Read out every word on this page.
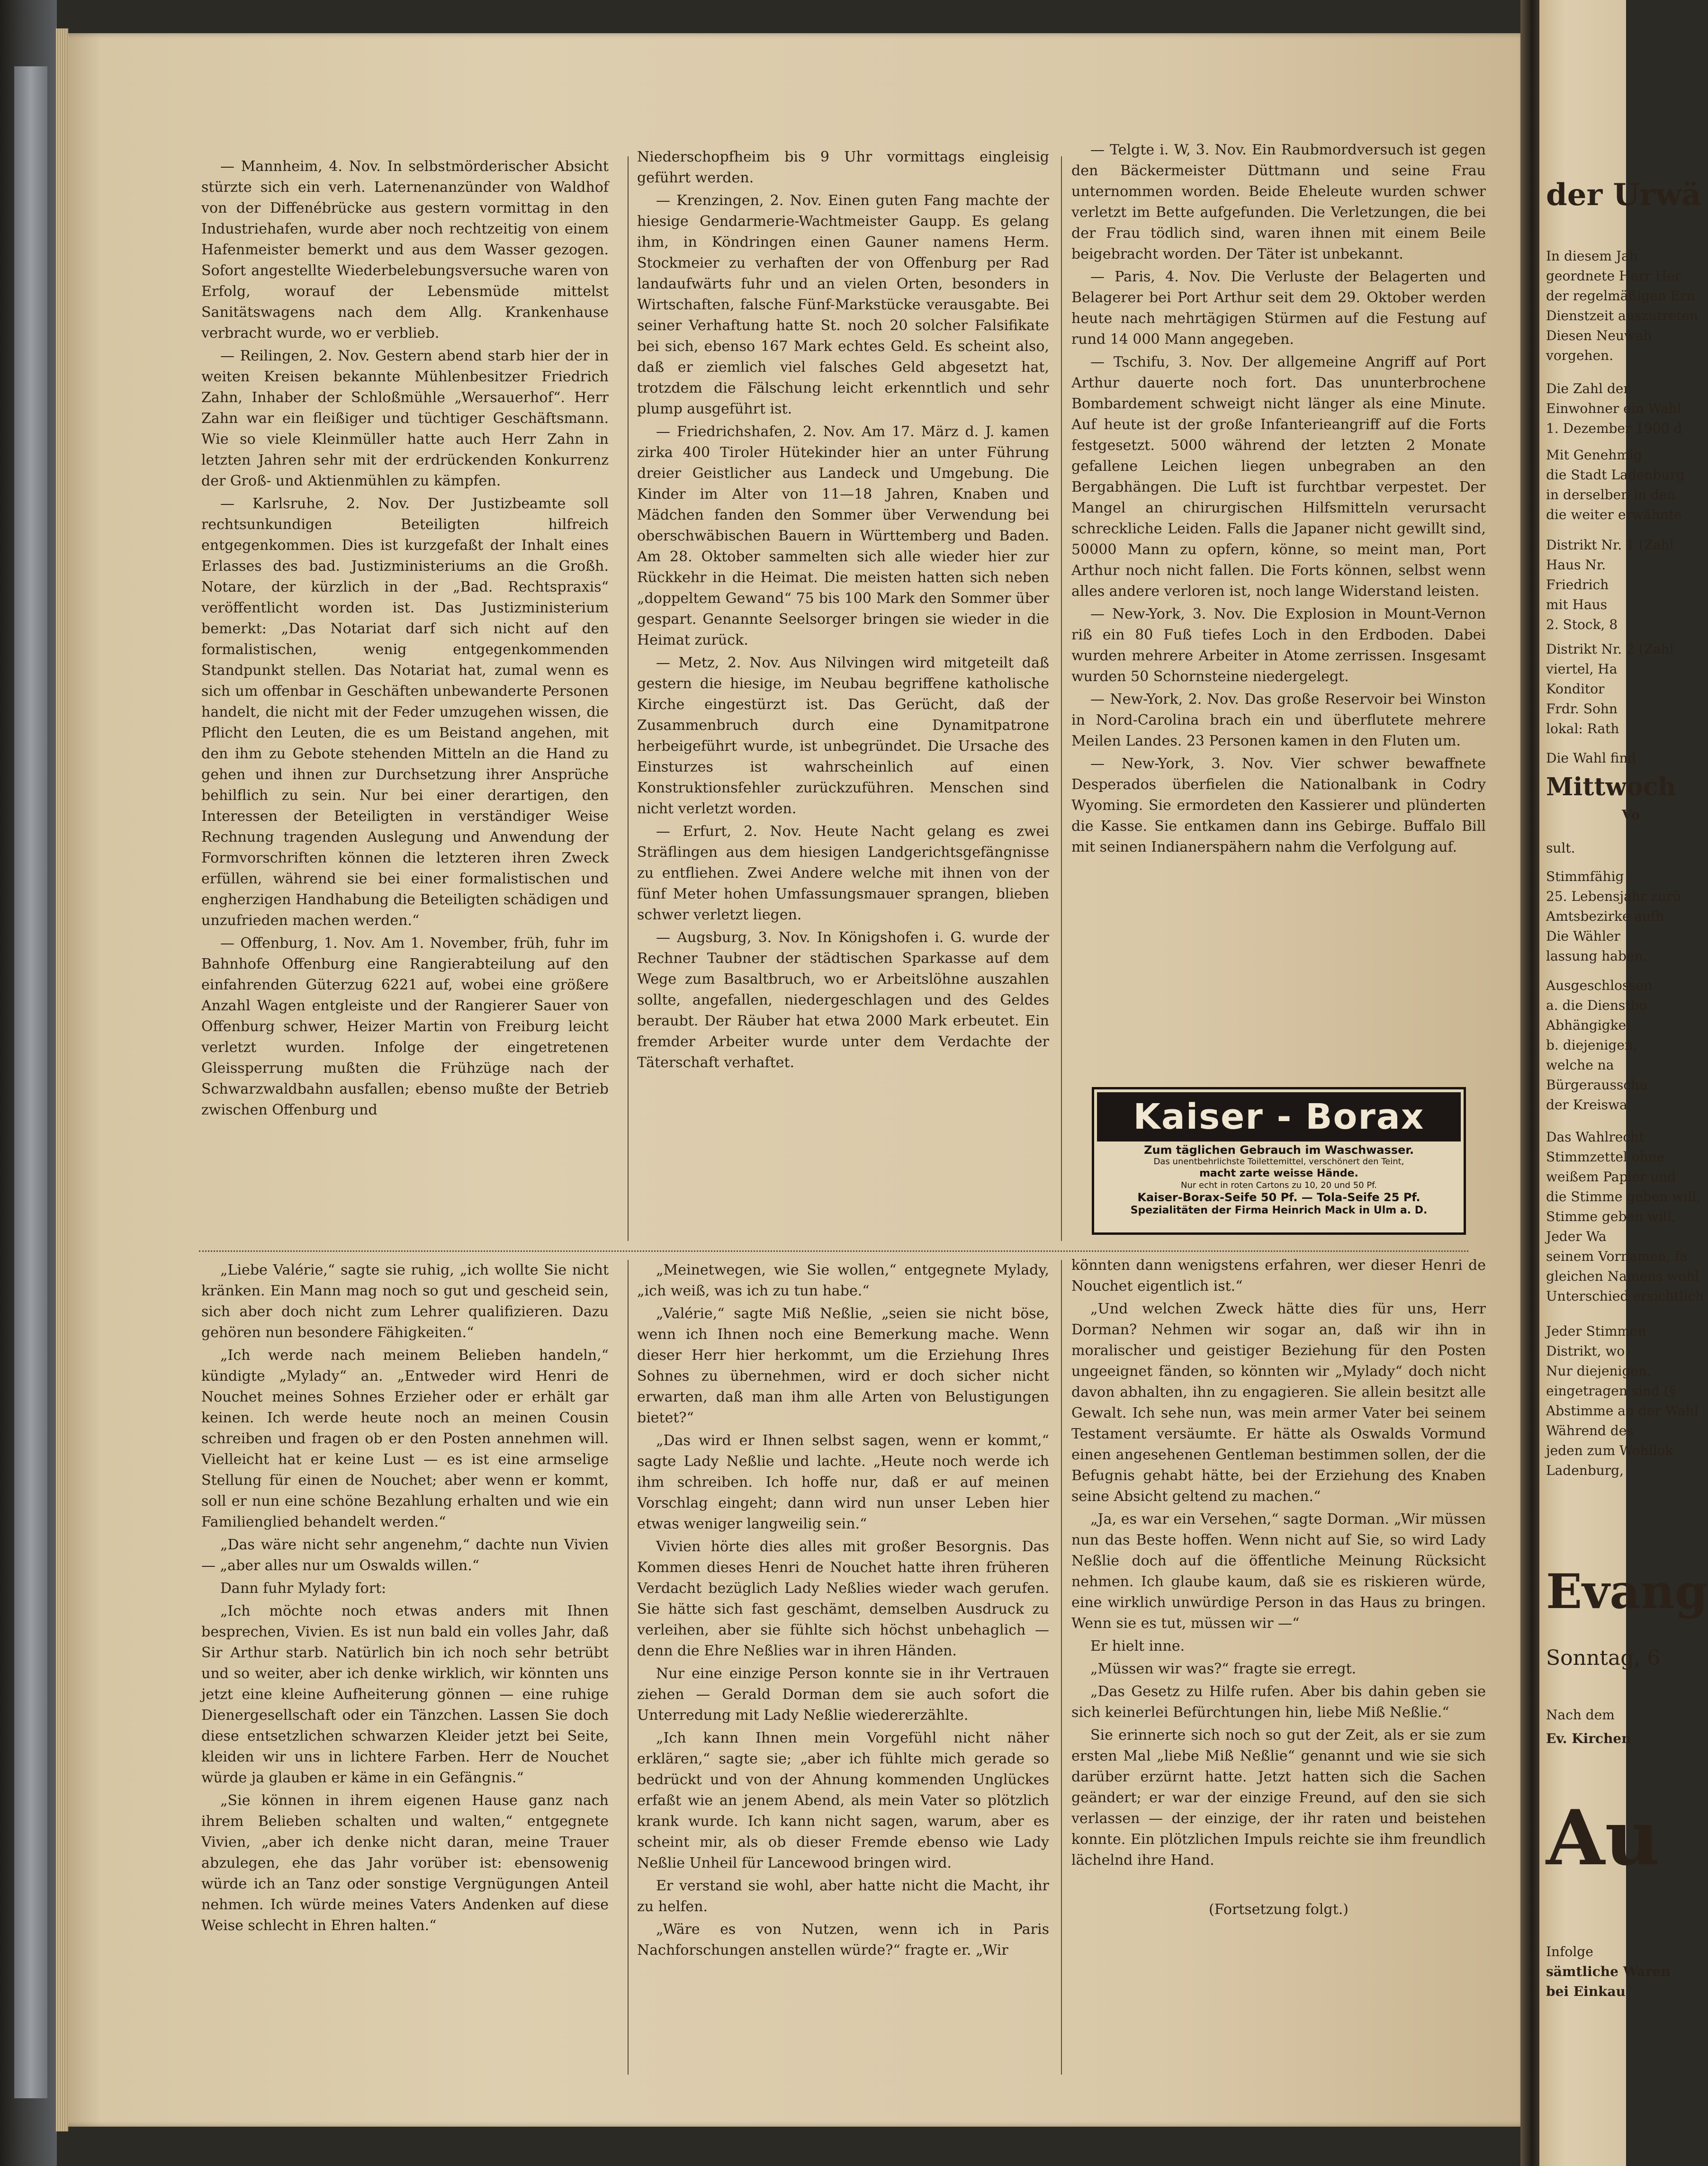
— Mannheim, 4. Nov. In selbstmörderischer Absicht stürzte sich ein verh. Laternenanzünder von Waldhof von der Diffenébrücke aus gestern vormittag in den Industriehafen, wurde aber noch rechtzeitig von einem Hafenmeister bemerkt und aus dem Wasser gezogen. Sofort angestellte Wiederbelebungsversuche waren von Erfolg, worauf der Lebensmüde mittelst Sanitätswagens nach dem Allg. Krankenhause verbracht wurde, wo er verblieb.

— Reilingen, 2. Nov. Gestern abend starb hier der in weiten Kreisen bekannte Mühlenbesitzer Friedrich Zahn, Inhaber der Schloßmühle „Wersauerhof“. Herr Zahn war ein fleißiger und tüchtiger Geschäftsmann. Wie so viele Kleinmüller hatte auch Herr Zahn in letzten Jahren sehr mit der erdrückenden Konkurrenz der Groß- und Aktienmühlen zu kämpfen.

— Karlsruhe, 2. Nov. Der Justizbeamte soll rechtsunkundigen Beteiligten hilfreich entgegenkommen. Dies ist kurzgefaßt der Inhalt eines Erlasses des bad. Justizministeriums an die Großh. Notare, der kürzlich in der „Bad. Rechtspraxis“ veröffentlicht worden ist. Das Justizministerium bemerkt: „Das Notariat darf sich nicht auf den formalistischen, wenig entgegenkommenden Standpunkt stellen. Das Notariat hat, zumal wenn es sich um offenbar in Geschäften unbewanderte Personen handelt, die nicht mit der Feder umzugehen wissen, die Pflicht den Leuten, die es um Beistand angehen, mit den ihm zu Gebote stehenden Mitteln an die Hand zu gehen und ihnen zur Durchsetzung ihrer Ansprüche behilflich zu sein. Nur bei einer derartigen, den Interessen der Beteiligten in verständiger Weise Rechnung tragenden Auslegung und Anwendung der Formvorschriften können die letzteren ihren Zweck erfüllen, während sie bei einer formalistischen und engherzigen Handhabung die Beteiligten schädigen und unzufrieden machen werden.“

— Offenburg, 1. Nov. Am 1. November, früh, fuhr im Bahnhofe Offenburg eine Rangierabteilung auf den einfahrenden Güterzug 6221 auf, wobei eine größere Anzahl Wagen entgleiste und der Rangierer Sauer von Offenburg schwer, Heizer Martin von Freiburg leicht verletzt wurden. Infolge der eingetretenen Gleissperrung mußten die Frühzüge nach der Schwarzwaldbahn ausfallen; ebenso mußte der Betrieb zwischen Offenburg und

Niederschopfheim bis 9 Uhr vormittags eingleisig geführt werden.

— Krenzingen, 2. Nov. Einen guten Fang machte der hiesige Gendarmerie-Wachtmeister Gaupp. Es gelang ihm, in Köndringen einen Gauner namens Herm. Stockmeier zu verhaften der von Offenburg per Rad landaufwärts fuhr und an vielen Orten, besonders in Wirtschaften, falsche Fünf-Markstücke verausgabte. Bei seiner Verhaftung hatte St. noch 20 solcher Falsifikate bei sich, ebenso 167 Mark echtes Geld. Es scheint also, daß er ziemlich viel falsches Geld abgesetzt hat, trotzdem die Fälschung leicht erkenntlich und sehr plump ausgeführt ist.

— Friedrichshafen, 2. Nov. Am 17. März d. J. kamen zirka 400 Tiroler Hütekinder hier an unter Führung dreier Geistlicher aus Landeck und Umgebung. Die Kinder im Alter von 11—18 Jahren, Knaben und Mädchen fanden den Sommer über Verwendung bei oberschwäbischen Bauern in Württemberg und Baden. Am 28. Oktober sammelten sich alle wieder hier zur Rückkehr in die Heimat. Die meisten hatten sich neben „doppeltem Gewand“ 75 bis 100 Mark den Sommer über gespart. Genannte Seelsorger bringen sie wieder in die Heimat zurück.

— Metz, 2. Nov. Aus Nilvingen wird mitgeteilt daß gestern die hiesige, im Neubau begriffene katholische Kirche eingestürzt ist. Das Gerücht, daß der Zusammenbruch durch eine Dynamitpatrone herbeigeführt wurde, ist unbegründet. Die Ursache des Einsturzes ist wahrscheinlich auf einen Konstruktionsfehler zurückzuführen. Menschen sind nicht verletzt worden.

— Erfurt, 2. Nov. Heute Nacht gelang es zwei Sträflingen aus dem hiesigen Landgerichtsgefängnisse zu entfliehen. Zwei Andere welche mit ihnen von der fünf Meter hohen Umfassungsmauer sprangen, blieben schwer verletzt liegen.

— Augsburg, 3. Nov. In Königshofen i. G. wurde der Rechner Taubner der städtischen Sparkasse auf dem Wege zum Basaltbruch, wo er Arbeitslöhne auszahlen sollte, angefallen, niedergeschlagen und des Geldes beraubt. Der Räuber hat etwa 2000 Mark erbeutet. Ein fremder Arbeiter wurde unter dem Verdachte der Täterschaft verhaftet.

— Telgte i. W, 3. Nov. Ein Raubmordversuch ist gegen den Bäckermeister Düttmann und seine Frau unternommen worden. Beide Eheleute wurden schwer verletzt im Bette aufgefunden. Die Verletzungen, die bei der Frau tödlich sind, waren ihnen mit einem Beile beigebracht worden. Der Täter ist unbekannt.

— Paris, 4. Nov. Die Verluste der Belagerten und Belagerer bei Port Arthur seit dem 29. Oktober werden heute nach mehrtägigen Stürmen auf die Festung auf rund 14 000 Mann angegeben.

— Tschifu, 3. Nov. Der allgemeine Angriff auf Port Arthur dauerte noch fort. Das ununterbrochene Bombardement schweigt nicht länger als eine Minute. Auf heute ist der große Infanterieangriff auf die Forts festgesetzt. 5000 während der letzten 2 Monate gefallene Leichen liegen unbegraben an den Bergabhängen. Die Luft ist furchtbar verpestet. Der Mangel an chirurgischen Hilfsmitteln verursacht schreckliche Leiden. Falls die Japaner nicht gewillt sind, 50000 Mann zu opfern, könne, so meint man, Port Arthur noch nicht fallen. Die Forts können, selbst wenn alles andere verloren ist, noch lange Widerstand leisten.

— New-York, 3. Nov. Die Explosion in Mount-Vernon riß ein 80 Fuß tiefes Loch in den Erdboden. Dabei wurden mehrere Arbeiter in Atome zerrissen. Insgesamt wurden 50 Schornsteine niedergelegt.

— New-York, 2. Nov. Das große Reservoir bei Winston in Nord-Carolina brach ein und überflutete mehrere Meilen Landes. 23 Personen kamen in den Fluten um.

— New-York, 3. Nov. Vier schwer bewaffnete Desperados überfielen die Nationalbank in Codry Wyoming. Sie ermordeten den Kassierer und plünderten die Kasse. Sie entkamen dann ins Gebirge. Buffalo Bill mit seinen Indianerspähern nahm die Verfolgung auf.

Kaiser - Borax
Zum täglichen Gebrauch im Waschwasser.
Das unentbehrlichste Toilettemittel, verschönert den Teint,
macht zarte weisse Hände.
Nur echt in roten Cartons zu 10, 20 und 50 Pf.
Kaiser-Borax-Seife 50 Pf. — Tola-Seife 25 Pf.
Spezialitäten der Firma Heinrich Mack in Ulm a. D.

„Liebe Valérie,“ sagte sie ruhig, „ich wollte Sie nicht kränken. Ein Mann mag noch so gut und gescheid sein, sich aber doch nicht zum Lehrer qualifizieren. Dazu gehören nun besondere Fähigkeiten.“

„Ich werde nach meinem Belieben handeln,“ kündigte „Mylady“ an. „Entweder wird Henri de Nouchet meines Sohnes Erzieher oder er erhält gar keinen. Ich werde heute noch an meinen Cousin schreiben und fragen ob er den Posten annehmen will. Vielleicht hat er keine Lust — es ist eine armselige Stellung für einen de Nouchet; aber wenn er kommt, soll er nun eine schöne Bezahlung erhalten und wie ein Familienglied behandelt werden.“

„Das wäre nicht sehr angenehm,“ dachte nun Vivien — „aber alles nur um Oswalds willen.“

Dann fuhr Mylady fort:

„Ich möchte noch etwas anders mit Ihnen besprechen, Vivien. Es ist nun bald ein volles Jahr, daß Sir Arthur starb. Natürlich bin ich noch sehr betrübt und so weiter, aber ich denke wirklich, wir könnten uns jetzt eine kleine Aufheiterung gönnen — eine ruhige Dienergesellschaft oder ein Tänzchen. Lassen Sie doch diese entsetzlichen schwarzen Kleider jetzt bei Seite, kleiden wir uns in lichtere Farben. Herr de Nouchet würde ja glauben er käme in ein Gefängnis.“

„Sie können in ihrem eigenen Hause ganz nach ihrem Belieben schalten und walten,“ entgegnete Vivien, „aber ich denke nicht daran, meine Trauer abzulegen, ehe das Jahr vorüber ist: ebensowenig würde ich an Tanz oder sonstige Vergnügungen Anteil nehmen. Ich würde meines Vaters Andenken auf diese Weise schlecht in Ehren halten.“

„Meinetwegen, wie Sie wollen,“ entgegnete Mylady, „ich weiß, was ich zu tun habe.“

„Valérie,“ sagte Miß Neßlie, „seien sie nicht böse, wenn ich Ihnen noch eine Bemerkung mache. Wenn dieser Herr hier herkommt, um die Erziehung Ihres Sohnes zu übernehmen, wird er doch sicher nicht erwarten, daß man ihm alle Arten von Belustigungen bietet?“

„Das wird er Ihnen selbst sagen, wenn er kommt,“ sagte Lady Neßlie und lachte. „Heute noch werde ich ihm schreiben. Ich hoffe nur, daß er auf meinen Vorschlag eingeht; dann wird nun unser Leben hier etwas weniger langweilig sein.“

Vivien hörte dies alles mit großer Besorgnis. Das Kommen dieses Henri de Nouchet hatte ihren früheren Verdacht bezüglich Lady Neßlies wieder wach gerufen. Sie hätte sich fast geschämt, demselben Ausdruck zu verleihen, aber sie fühlte sich höchst unbehaglich — denn die Ehre Neßlies war in ihren Händen.

Nur eine einzige Person konnte sie in ihr Vertrauen ziehen — Gerald Dorman dem sie auch sofort die Unterredung mit Lady Neßlie wiedererzählte.

„Ich kann Ihnen mein Vorgefühl nicht näher erklären,“ sagte sie; „aber ich fühlte mich gerade so bedrückt und von der Ahnung kommenden Unglückes erfaßt wie an jenem Abend, als mein Vater so plötzlich krank wurde. Ich kann nicht sagen, warum, aber es scheint mir, als ob dieser Fremde ebenso wie Lady Neßlie Unheil für Lancewood bringen wird.

Er verstand sie wohl, aber hatte nicht die Macht, ihr zu helfen.

„Wäre es von Nutzen, wenn ich in Paris Nachforschungen anstellen würde?“ fragte er. „Wir

könnten dann wenigstens erfahren, wer dieser Henri de Nouchet eigentlich ist.“

„Und welchen Zweck hätte dies für uns, Herr Dorman? Nehmen wir sogar an, daß wir ihn in moralischer und geistiger Beziehung für den Posten ungeeignet fänden, so könnten wir „Mylady“ doch nicht davon abhalten, ihn zu engagieren. Sie allein besitzt alle Gewalt. Ich sehe nun, was mein armer Vater bei seinem Testament versäumte. Er hätte als Oswalds Vormund einen angesehenen Gentleman bestimmen sollen, der die Befugnis gehabt hätte, bei der Erziehung des Knaben seine Absicht geltend zu machen.“

„Ja, es war ein Versehen,“ sagte Dorman. „Wir müssen nun das Beste hoffen. Wenn nicht auf Sie, so wird Lady Neßlie doch auf die öffentliche Meinung Rücksicht nehmen. Ich glaube kaum, daß sie es riskieren würde, eine wirklich unwürdige Person in das Haus zu bringen. Wenn sie es tut, müssen wir —“

Er hielt inne.

„Müssen wir was?“ fragte sie erregt.

„Das Gesetz zu Hilfe rufen. Aber bis dahin geben sie sich keinerlei Befürchtungen hin, liebe Miß Neßlie.“

Sie erinnerte sich noch so gut der Zeit, als er sie zum ersten Mal „liebe Miß Neßlie“ genannt und wie sie sich darüber erzürnt hatte. Jetzt hatten sich die Sachen geändert; er war der einzige Freund, auf den sie sich verlassen — der einzige, der ihr raten und beistehen konnte. Ein plötzlichen Impuls reichte sie ihm freundlich lächelnd ihre Hand.

(Fortsetzung folgt.)

der Urwä
In diesem Jah
geordnete Herr Her
der regelmäßigen Ern
Dienstzeit auszutreten
Diesen Neuwah
vorgehen.
Die Zahl der
Einwohner ein Wahl
1. Dezember 1900 d
Mit Genehmig
die Stadt Ladenburg
in derselben in den
die weiter erwähnte
Distrikt Nr. 1 (Zahl
Haus Nr.
Friedrich
mit Haus
2. Stock, 8
Distrikt Nr. 2 (Zahl
viertel, Ha
Konditor
Frdr. Sohn
lokal: Rath
Die Wahl find
Mittwoch
Vo
sult.
Stimmfähig
25. Lebensjahr zurü
Amtsbezirke aufh
Die Wähler
lassung haben.
Ausgeschlossen
a. die Dienstbo
Abhängigkei
b. diejenigen,
welche na
Bürgerausschu
der Kreiswa
Das Wahlrecht
Stimmzettel ohne
weißem Papier und
die Stimme geben will,
Stimme geben will,
Jeder Wa
seinem Vornamen, fa
gleichen Namens wohl
Unterschied ersichtlich
Jeder Stimmen
Distrikt, wo
Nur diejenigen,
eingetragen sind (§
Abstimme an der Wahl
Während des
jeden zum Wohllok
Ladenburg,
Evang
Sonntag, 6
Nach dem
Ev. Kirchen
Au
Infolge
sämtliche Waren
bei Einkau
